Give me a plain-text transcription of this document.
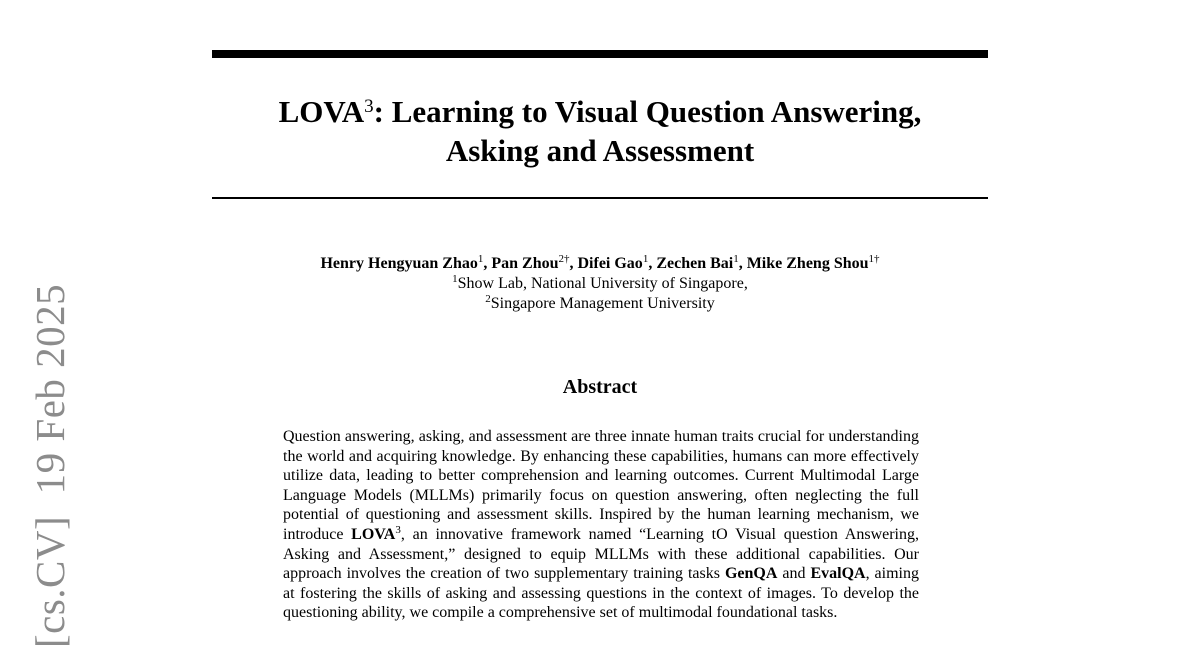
[cs.CV]  19 Feb 2025
LOVA$^3$: Learning to Visual Question Answering,
Asking and Assessment
Henry Hengyuan Zhao$^1$, Pan Zhou$^{2\dagger}$, Difei Gao$^1$, Zechen Bai$^1$, Mike Zheng Shou$^{1\dagger}$
$^1$Show Lab, National University of Singapore,
$^2$Singapore Management University
Abstract
Question answering, asking, and assessment are three innate human traits crucial for understanding the world and acquiring knowledge. By enhancing these capabilities, humans can more effectively utilize data, leading to better comprehension and learning outcomes. Current Multimodal Large Language Models (MLLMs) primarily focus on question answering, often neglecting the full potential of questioning and assessment skills. Inspired by the human learning mechanism, we introduce LOVA$^3$, an innovative framework named “Learning tO Visual question Answering, Asking and Assessment,” designed to equip MLLMs with these additional capabilities. Our approach involves the creation of two supplementary training tasks GenQA and EvalQA, aiming at fostering the skills of asking and assessing questions in the context of images. To develop the questioning ability, we compile a comprehensive set of multimodal foundational tasks.
